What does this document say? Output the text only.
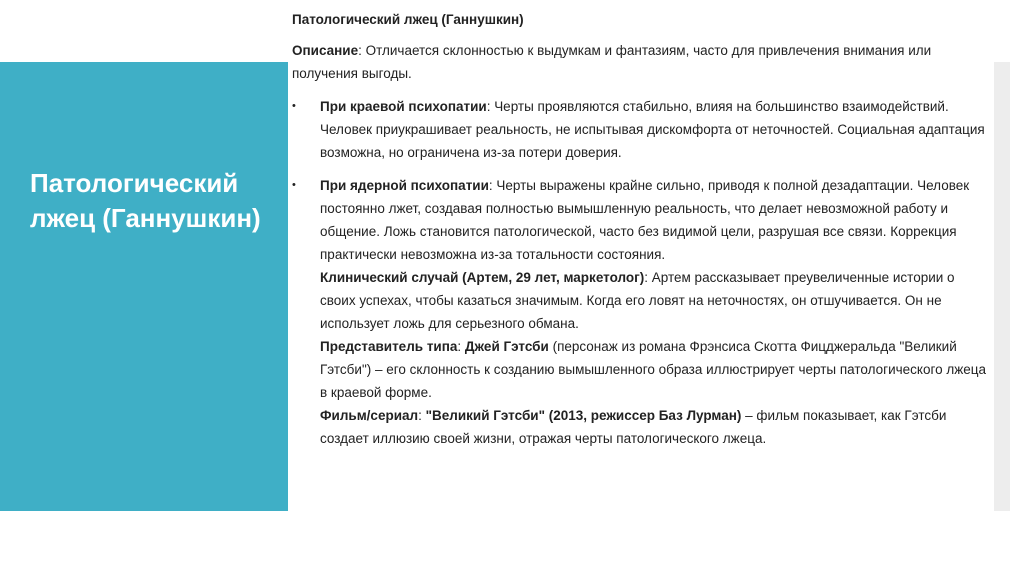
Патологический лжец (Ганнушкин)

Патологический лжец (Ганнушкин)

Описание: Отличается склонностью к выдумкам и фантазиям, часто для привлечения внимания или получения выгоды.

• При краевой психопатии: Черты проявляются стабильно, влияя на большинство взаимодействий. Человек приукрашивает реальность, не испытывая дискомфорта от неточностей. Социальная адаптация возможна, но ограничена из-за потери доверия.
• При ядерной психопатии: Черты выражены крайне сильно, приводя к полной дезадаптации. Человек постоянно лжет, создавая полностью вымышленную реальность, что делает невозможной работу и общение. Ложь становится патологической, часто без видимой цели, разрушая все связи. Коррекция практически невозможна из-за тотальности состояния.
Клинический случай (Артем, 29 лет, маркетолог): Артем рассказывает преувеличенные истории о своих успехах, чтобы казаться значимым. Когда его ловят на неточностях, он отшучивается. Он не использует ложь для серьезного обмана.
Представитель типа: Джей Гэтсби (персонаж из романа Фрэнсиса Скотта Фицджеральда "Великий Гэтсби") – его склонность к созданию вымышленного образа иллюстрирует черты патологического лжеца в краевой форме.
Фильм/сериал: "Великий Гэтсби" (2013, режиссер Баз Лурман) – фильм показывает, как Гэтсби создает иллюзию своей жизни, отражая черты патологического лжеца.
